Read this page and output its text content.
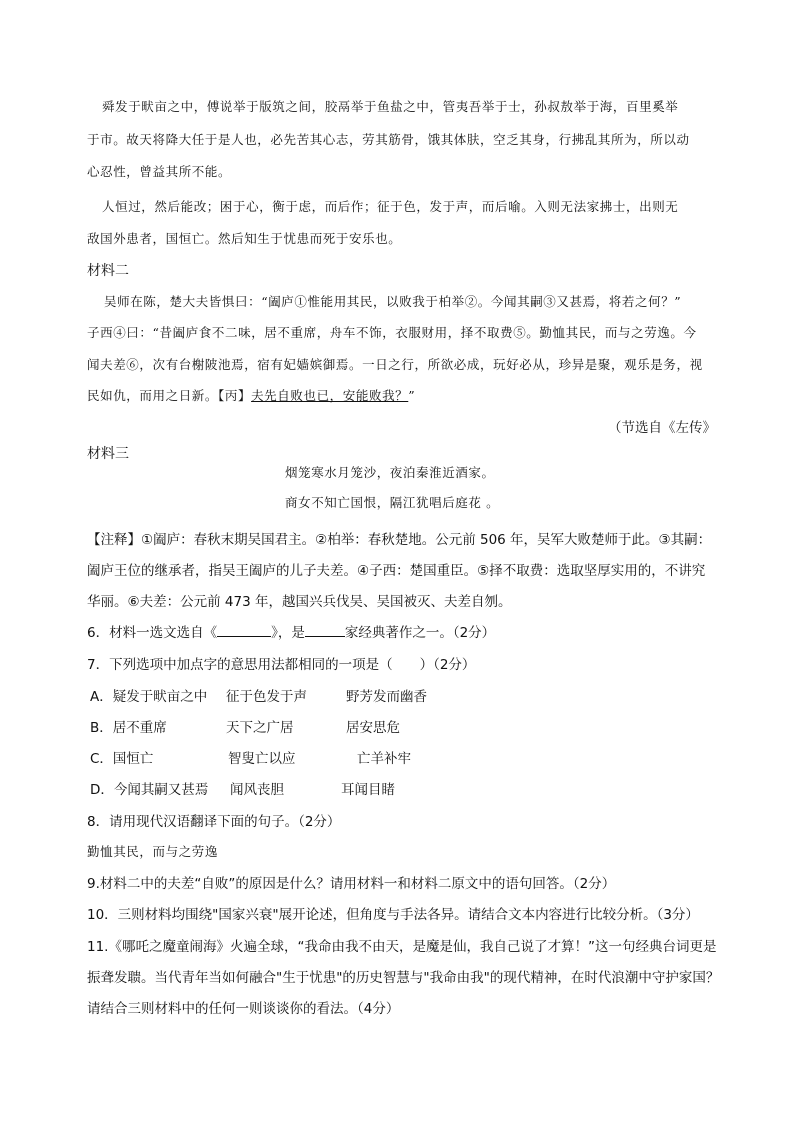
舜发于畎亩之中，傅说举于版筑之间，胶鬲举于鱼盐之中，管夷吾举于士，孙叔敖举于海，百里奚举
于市。故天将降大任于是人也，必先苦其心志，劳其筋骨，饿其体肤，空乏其身，行拂乱其所为，所以动
心忍性，曾益其所不能。
人恒过，然后能改；困于心，衡于虑，而后作；征于色，发于声，而后喻。入则无法家拂士，出则无
敌国外患者，国恒亡。然后知生于忧患而死于安乐也。
材料二
吴师在陈，楚大夫皆惧曰：“阖庐①惟能用其民，以败我于柏举②。今闻其嗣③又甚焉，将若之何？”
子西④曰：“昔阖庐食不二味，居不重席，舟车不饰，衣服财用，择不取费⑤。勤恤其民，而与之劳逸。今
闻夫差⑥，次有台榭陂池焉，宿有妃嫱嫔御焉。一日之行，所欲必成，玩好必从，珍异是聚，观乐是务，视
民如仇，而用之日新。【丙】夫先自败也已，安能败我？”
（节选自《左传》
材料三
烟笼寒水月笼沙，夜泊秦淮近酒家。
商女不知亡国恨，隔江犹唱后庭花 。
【注释】①阖庐：春秋末期吴国君主。②柏举：春秋楚地。公元前 506 年，吴军大败楚师于此。③其嗣：
阖庐王位的继承者，指吴王阖庐的儿子夫差。④子西：楚国重臣。⑤择不取费：选取坚厚实用的，不讲究
华丽。⑥夫差：公元前 473 年，越国兴兵伐吴、吴国被灭、夫差自刎。
6．材料一选文选自《	》，是	家经典著作之一。（2分）
7．下列选项中加点字的意思用法都相同的一项是（　　）（2分）
A．疑发于畎亩之中 征于色发于声	野芳发而幽香
B．居不重席	天下之广居	居安思危
C．国恒亡	智叟亡以应	亡羊补牢
D．今闻其嗣又甚焉 闻风丧胆	耳闻目睹
8．请用现代汉语翻译下面的句子。（2分）
勤恤其民，而与之劳逸
9.材料二中的夫差“自败”的原因是什么？请用材料一和材料二原文中的语句回答。（2分）
10．三则材料均围绕"国家兴衰"展开论述，但角度与手法各异。请结合文本内容进行比较分析。（3分）
11.《哪吒之魔童闹海》火遍全球，“我命由我不由天，是魔是仙，我自己说了才算！”这一句经典台词更是
振聋发聩。当代青年当如何融合"生于忧患"的历史智慧与"我命由我"的现代精神，在时代浪潮中守护家国？
请结合三则材料中的任何一则谈谈你的看法。（4分）
